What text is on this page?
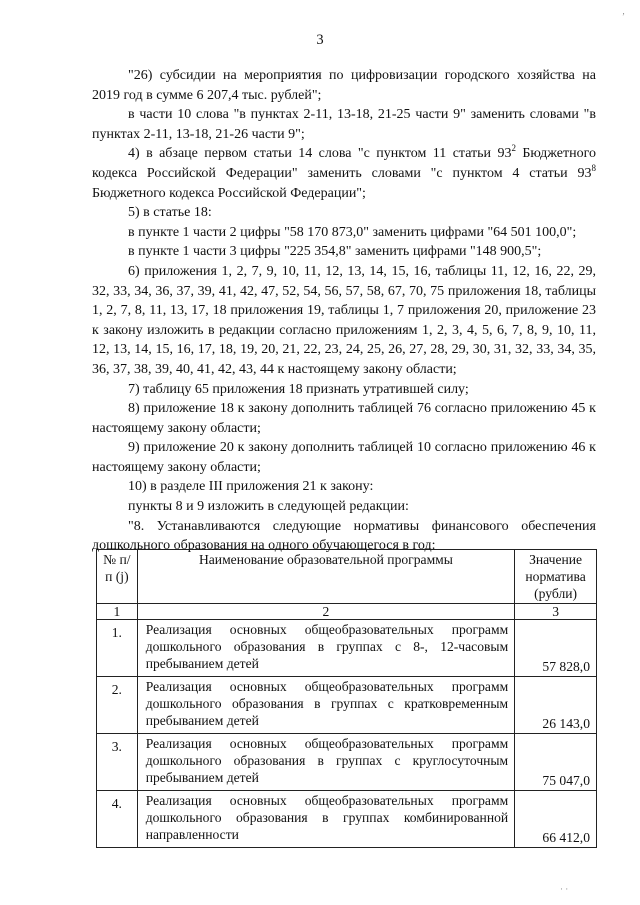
3

"26) субсидии на мероприятия по цифровизации городского хозяйства на 2019 год в сумме 6 207,4 тыс. рублей";

в части 10 слова "в пунктах 2-11, 13-18, 21-25 части 9" заменить словами "в пунктах 2-11, 13-18, 21-26 части 9";

4) в абзаце первом статьи 14 слова "с пунктом 11 статьи $93^2$ Бюджетного кодекса Российской Федерации" заменить словами "с пунктом 4 статьи $93^8$ Бюджетного кодекса Российской Федерации";

5) в статье 18:

в пункте 1 части 2 цифры "58 170 873,0" заменить цифрами "64 501 100,0";

в пункте 1 части 3 цифры "225 354,8" заменить цифрами "148 900,5";

6) приложения 1, 2, 7, 9, 10, 11, 12, 13, 14, 15, 16, таблицы 11, 12, 16, 22, 29, 32, 33, 34, 36, 37, 39, 41, 42, 47, 52, 54, 56, 57, 58, 67, 70, 75 приложения 18, таблицы 1, 2, 7, 8, 11, 13, 17, 18 приложения 19, таблицы 1, 7 приложения 20, приложение 23 к закону изложить в редакции согласно приложениям 1, 2, 3, 4, 5, 6, 7, 8, 9, 10, 11, 12, 13, 14, 15, 16, 17, 18, 19, 20, 21, 22, 23, 24, 25, 26, 27, 28, 29, 30, 31, 32, 33, 34, 35, 36, 37, 38, 39, 40, 41, 42, 43, 44 к настоящему закону области;

7) таблицу 65 приложения 18 признать утратившей силу;

8) приложение 18 к закону дополнить таблицей 76 согласно приложению 45 к настоящему закону области;

9) приложение 20 к закону дополнить таблицей 10 согласно приложению 46 к настоящему закону области;

10) в разделе III приложения 21 к закону:

пункты 8 и 9 изложить в следующей редакции:

"8. Устанавливаются следующие нормативы финансового обеспечения дошкольного образования на одного обучающегося в год:

№ п/п (j)	Наименование образовательной программы	Значение норматива (рубли)
1	2	3
1.	Реализация основных общеобразовательных программ дошкольного образования в группах с 8-, 12-часовым пребыванием детей	57 828,0
2.	Реализация основных общеобразовательных программ дошкольного образования в группах с кратковременным пребыванием детей	26 143,0
3.	Реализация основных общеобразовательных программ дошкольного образования в группах с круглосуточным пребыванием детей	75 047,0
4.	Реализация основных общеобразовательных программ дошкольного образования в группах комбинированной направленности	66 412,0
‚
· ·
